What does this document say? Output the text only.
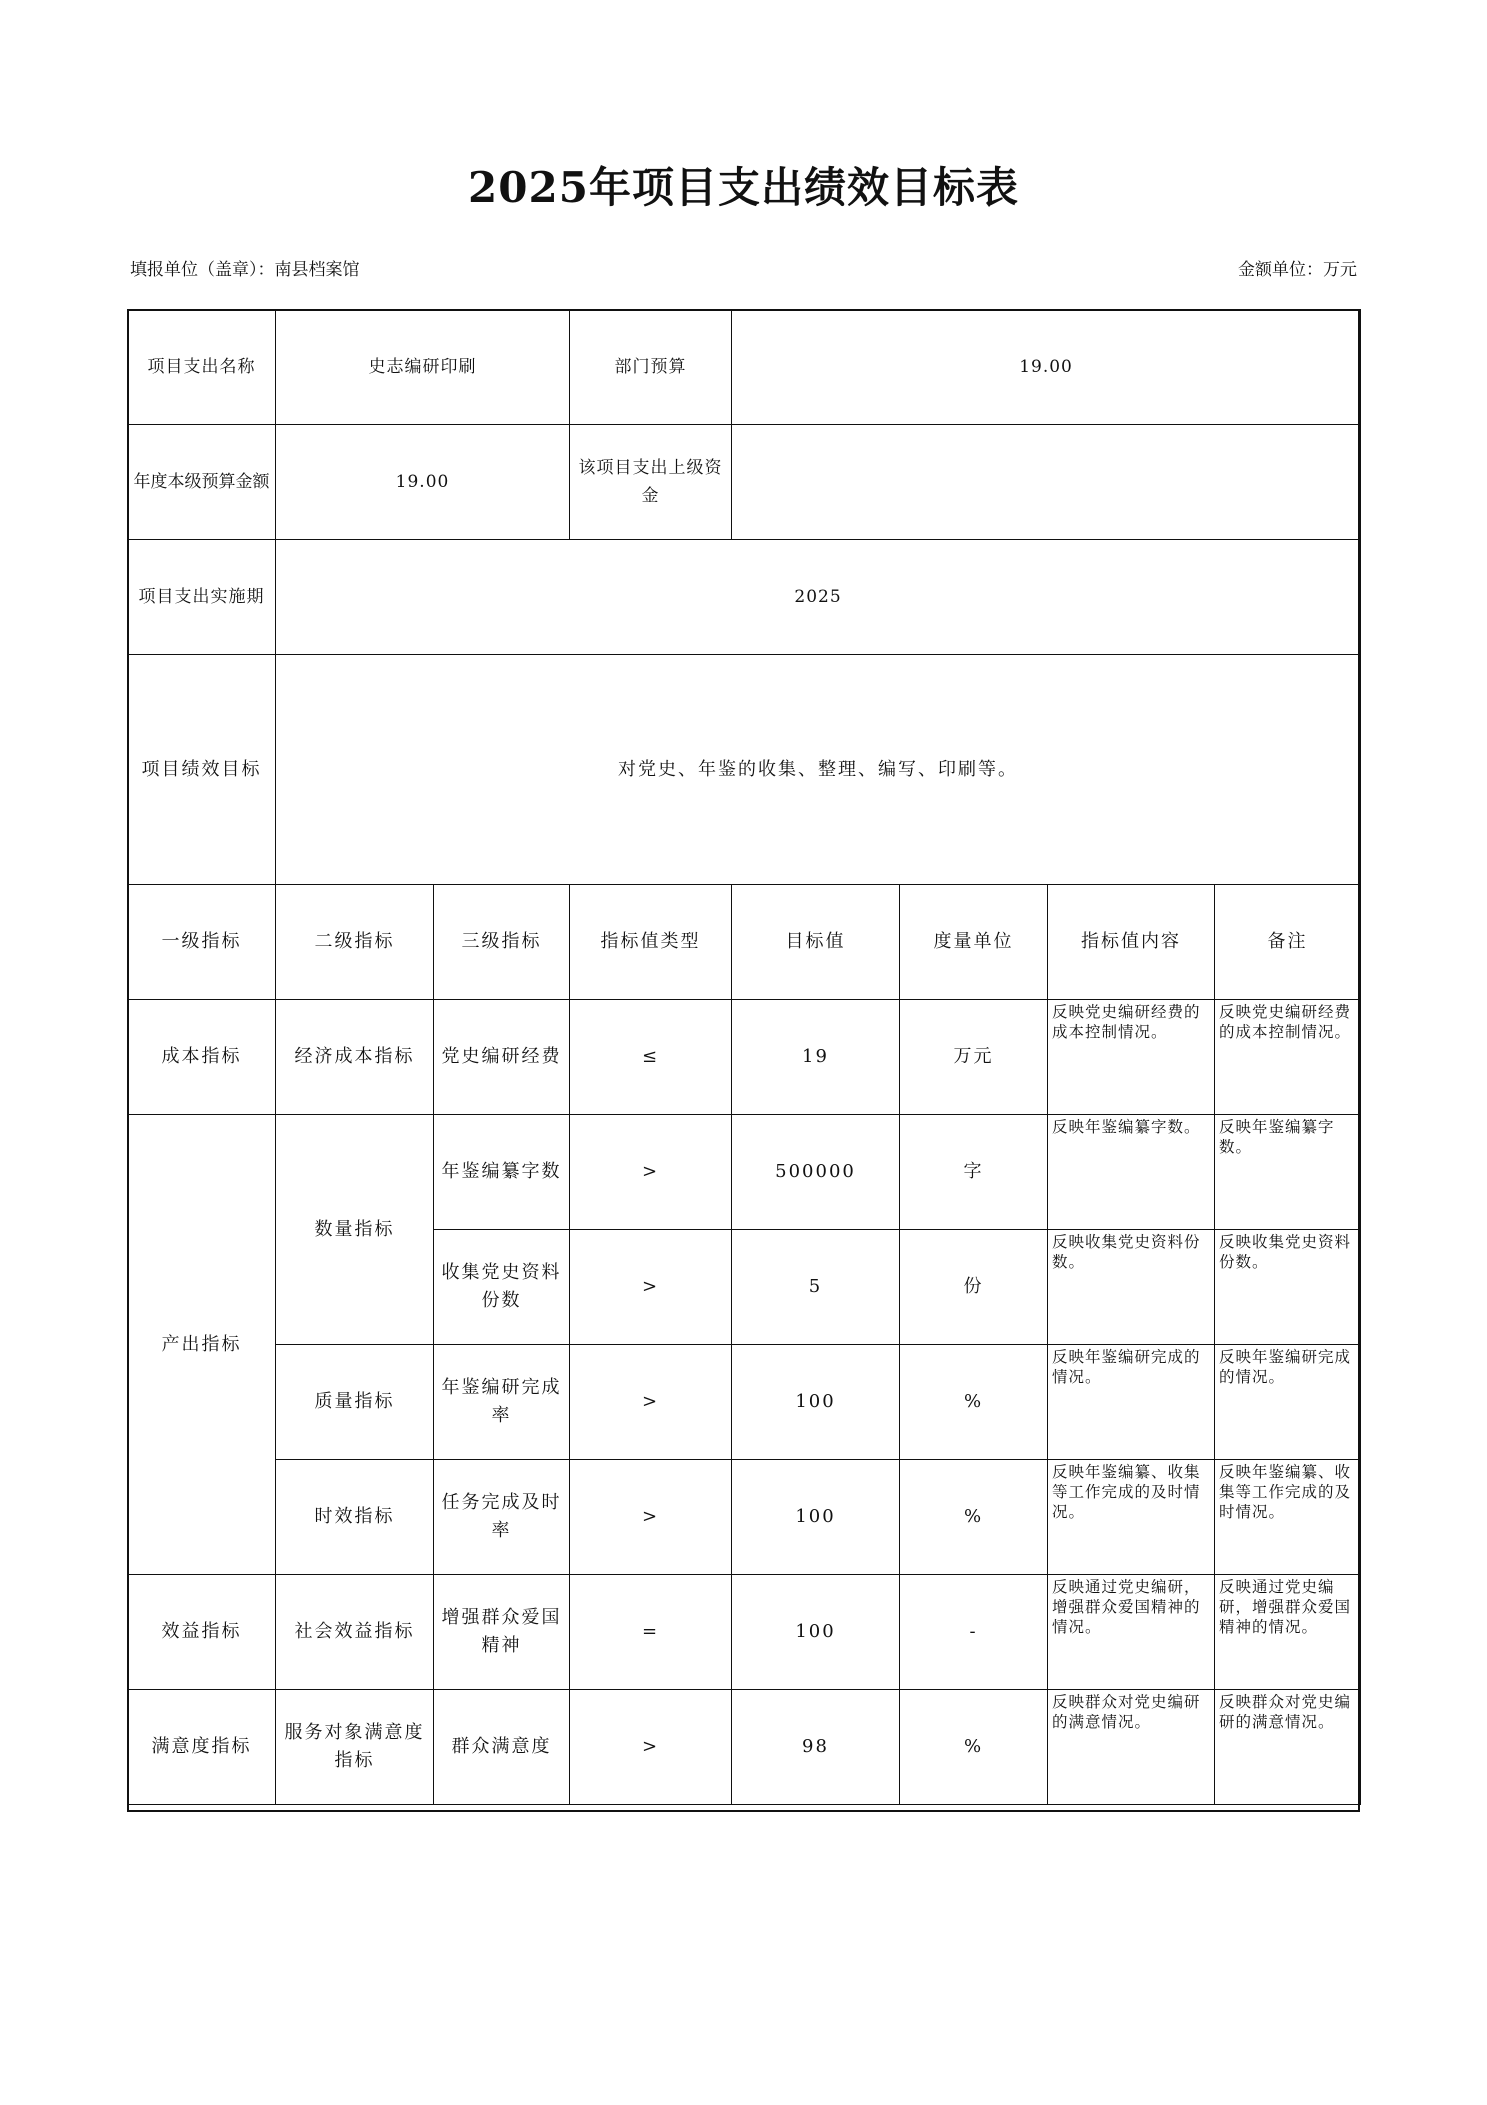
2025年项目支出绩效目标表
填报单位（盖章）：南县档案馆	金额单位：万元
项目支出名称	史志编研印刷		部门预算	19.00			
年度本级预算金额	19.00		该项目支出上级资金				
项目支出实施期	2025						
项目绩效目标	对党史、年鉴的收集、整理、编写、印刷等。						
一级指标	二级指标	三级指标	指标值类型	目标值	度量单位	指标值内容	备注
成本指标	经济成本指标	党史编研经费	≤	19	万元	反映党史编研经费的成本控制情况。	反映党史编研经费的成本控制情况。
产出指标	数量指标	年鉴编纂字数	>	500000	字	反映年鉴编纂字数。	反映年鉴编纂字数。
		收集党史资料份数	>	5	份	反映收集党史资料份数。	反映收集党史资料份数。
	质量指标	年鉴编研完成率	>	100	%	反映年鉴编研完成的情况。	反映年鉴编研完成的情况。
	时效指标	任务完成及时率	>	100	%	反映年鉴编纂、收集等工作完成的及时情况。	反映年鉴编纂、收集等工作完成的及时情况。
效益指标	社会效益指标	增强群众爱国精神	=	100	-	反映通过党史编研，增强群众爱国精神的情况。	反映通过党史编研，增强群众爱国精神的情况。
满意度指标	服务对象满意度指标	群众满意度	>	98	%	反映群众对党史编研的满意情况。	反映群众对党史编研的满意情况。
